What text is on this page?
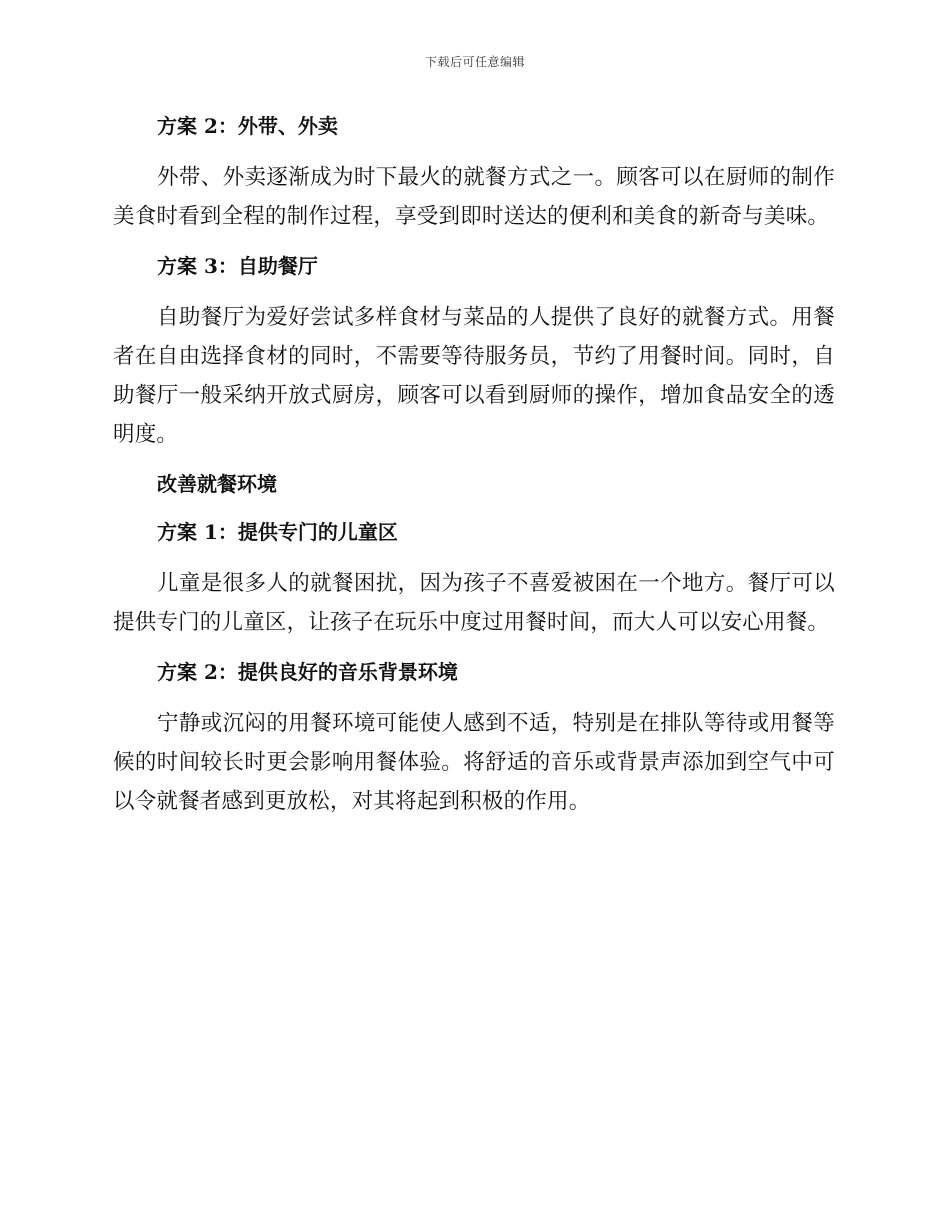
下载后可任意编辑
方案 2：外带、外卖
外带、外卖逐渐成为时下最火的就餐方式之一。顾客可以在厨师的制作美食时看到全程的制作过程，享受到即时送达的便利和美食的新奇与美味。
方案 3：自助餐厅
自助餐厅为爱好尝试多样食材与菜品的人提供了良好的就餐方式。用餐者在自由选择食材的同时，不需要等待服务员，节约了用餐时间。同时，自助餐厅一般采纳开放式厨房，顾客可以看到厨师的操作，增加食品安全的透明度。
改善就餐环境
方案 1：提供专门的儿童区
儿童是很多人的就餐困扰，因为孩子不喜爱被困在一个地方。餐厅可以提供专门的儿童区，让孩子在玩乐中度过用餐时间，而大人可以安心用餐。
方案 2：提供良好的音乐背景环境
宁静或沉闷的用餐环境可能使人感到不适，特别是在排队等待或用餐等候的时间较长时更会影响用餐体验。将舒适的音乐或背景声添加到空气中可以令就餐者感到更放松，对其将起到积极的作用。
